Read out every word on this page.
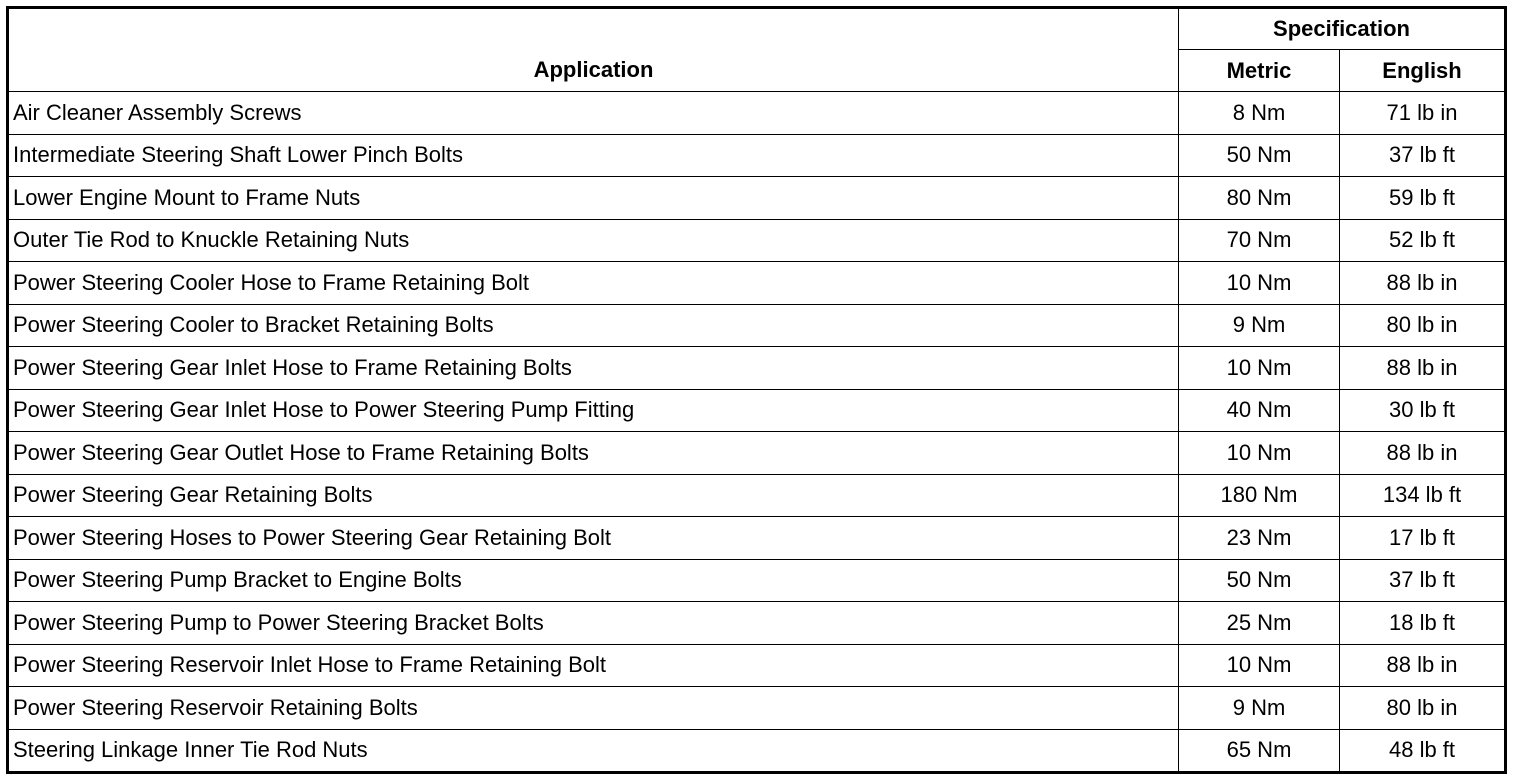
Application	Specification	
	Metric	English
Air Cleaner Assembly Screws	8 Nm	71 lb in
Intermediate Steering Shaft Lower Pinch Bolts	50 Nm	37 lb ft
Lower Engine Mount to Frame Nuts	80 Nm	59 lb ft
Outer Tie Rod to Knuckle Retaining Nuts	70 Nm	52 lb ft
Power Steering Cooler Hose to Frame Retaining Bolt	10 Nm	88 lb in
Power Steering Cooler to Bracket Retaining Bolts	9 Nm	80 lb in
Power Steering Gear Inlet Hose to Frame Retaining Bolts	10 Nm	88 lb in
Power Steering Gear Inlet Hose to Power Steering Pump Fitting	40 Nm	30 lb ft
Power Steering Gear Outlet Hose to Frame Retaining Bolts	10 Nm	88 lb in
Power Steering Gear Retaining Bolts	180 Nm	134 lb ft
Power Steering Hoses to Power Steering Gear Retaining Bolt	23 Nm	17 lb ft
Power Steering Pump Bracket to Engine Bolts	50 Nm	37 lb ft
Power Steering Pump to Power Steering Bracket Bolts	25 Nm	18 lb ft
Power Steering Reservoir Inlet Hose to Frame Retaining Bolt	10 Nm	88 lb in
Power Steering Reservoir Retaining Bolts	9 Nm	80 lb in
Steering Linkage Inner Tie Rod Nuts	65 Nm	48 lb ft
